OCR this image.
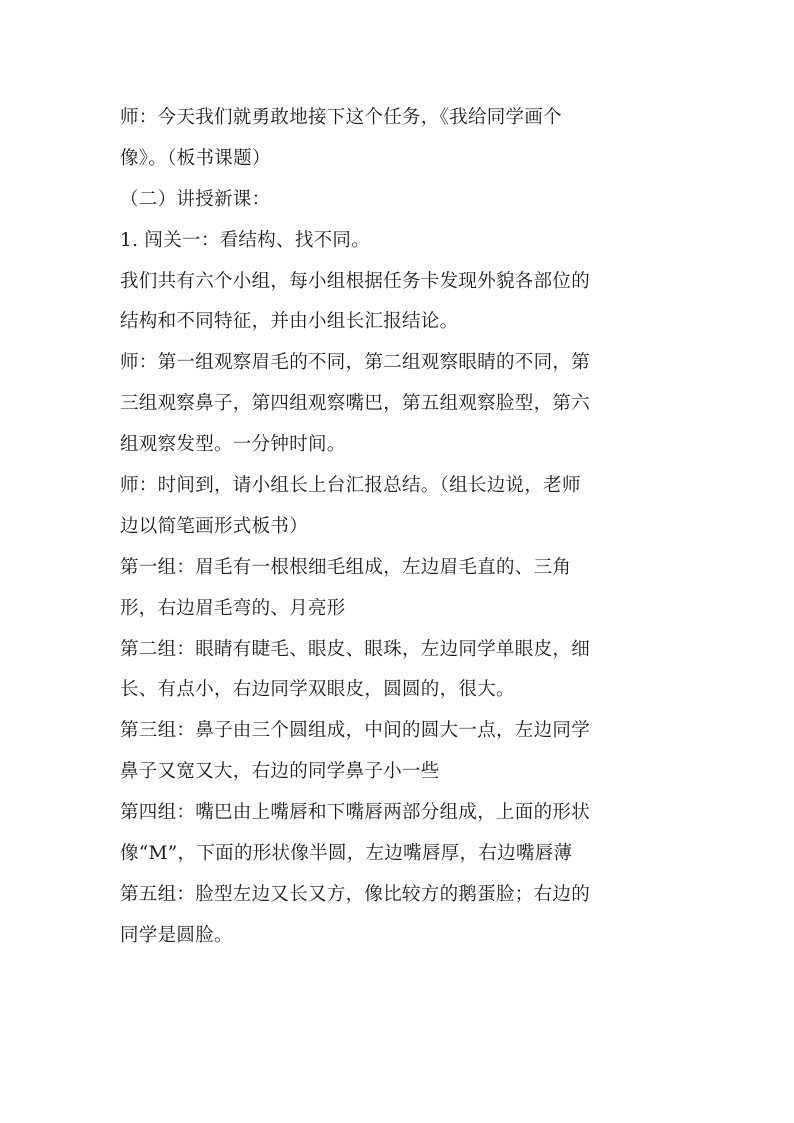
师：今天我们就勇敢地接下这个任务，《我给同学画个
像》。（板书课题）
（二）讲授新课：
1. 闯关一：看结构、找不同。
我们共有六个小组，每小组根据任务卡发现外貌各部位的
结构和不同特征，并由小组长汇报结论。
师：第一组观察眉毛的不同，第二组观察眼睛的不同，第
三组观察鼻子，第四组观察嘴巴，第五组观察脸型，第六
组观察发型。一分钟时间。
师：时间到，请小组长上台汇报总结。（组长边说，老师
边以简笔画形式板书）
第一组：眉毛有一根根细毛组成，左边眉毛直的、三角
形，右边眉毛弯的、月亮形
第二组：眼睛有睫毛、眼皮、眼珠，左边同学单眼皮，细
长、有点小，右边同学双眼皮，圆圆的，很大。
第三组：鼻子由三个圆组成，中间的圆大一点，左边同学
鼻子又宽又大，右边的同学鼻子小一些
第四组：嘴巴由上嘴唇和下嘴唇两部分组成，上面的形状
像“M”，下面的形状像半圆，左边嘴唇厚，右边嘴唇薄
第五组：脸型左边又长又方，像比较方的鹅蛋脸；右边的
同学是圆脸。
